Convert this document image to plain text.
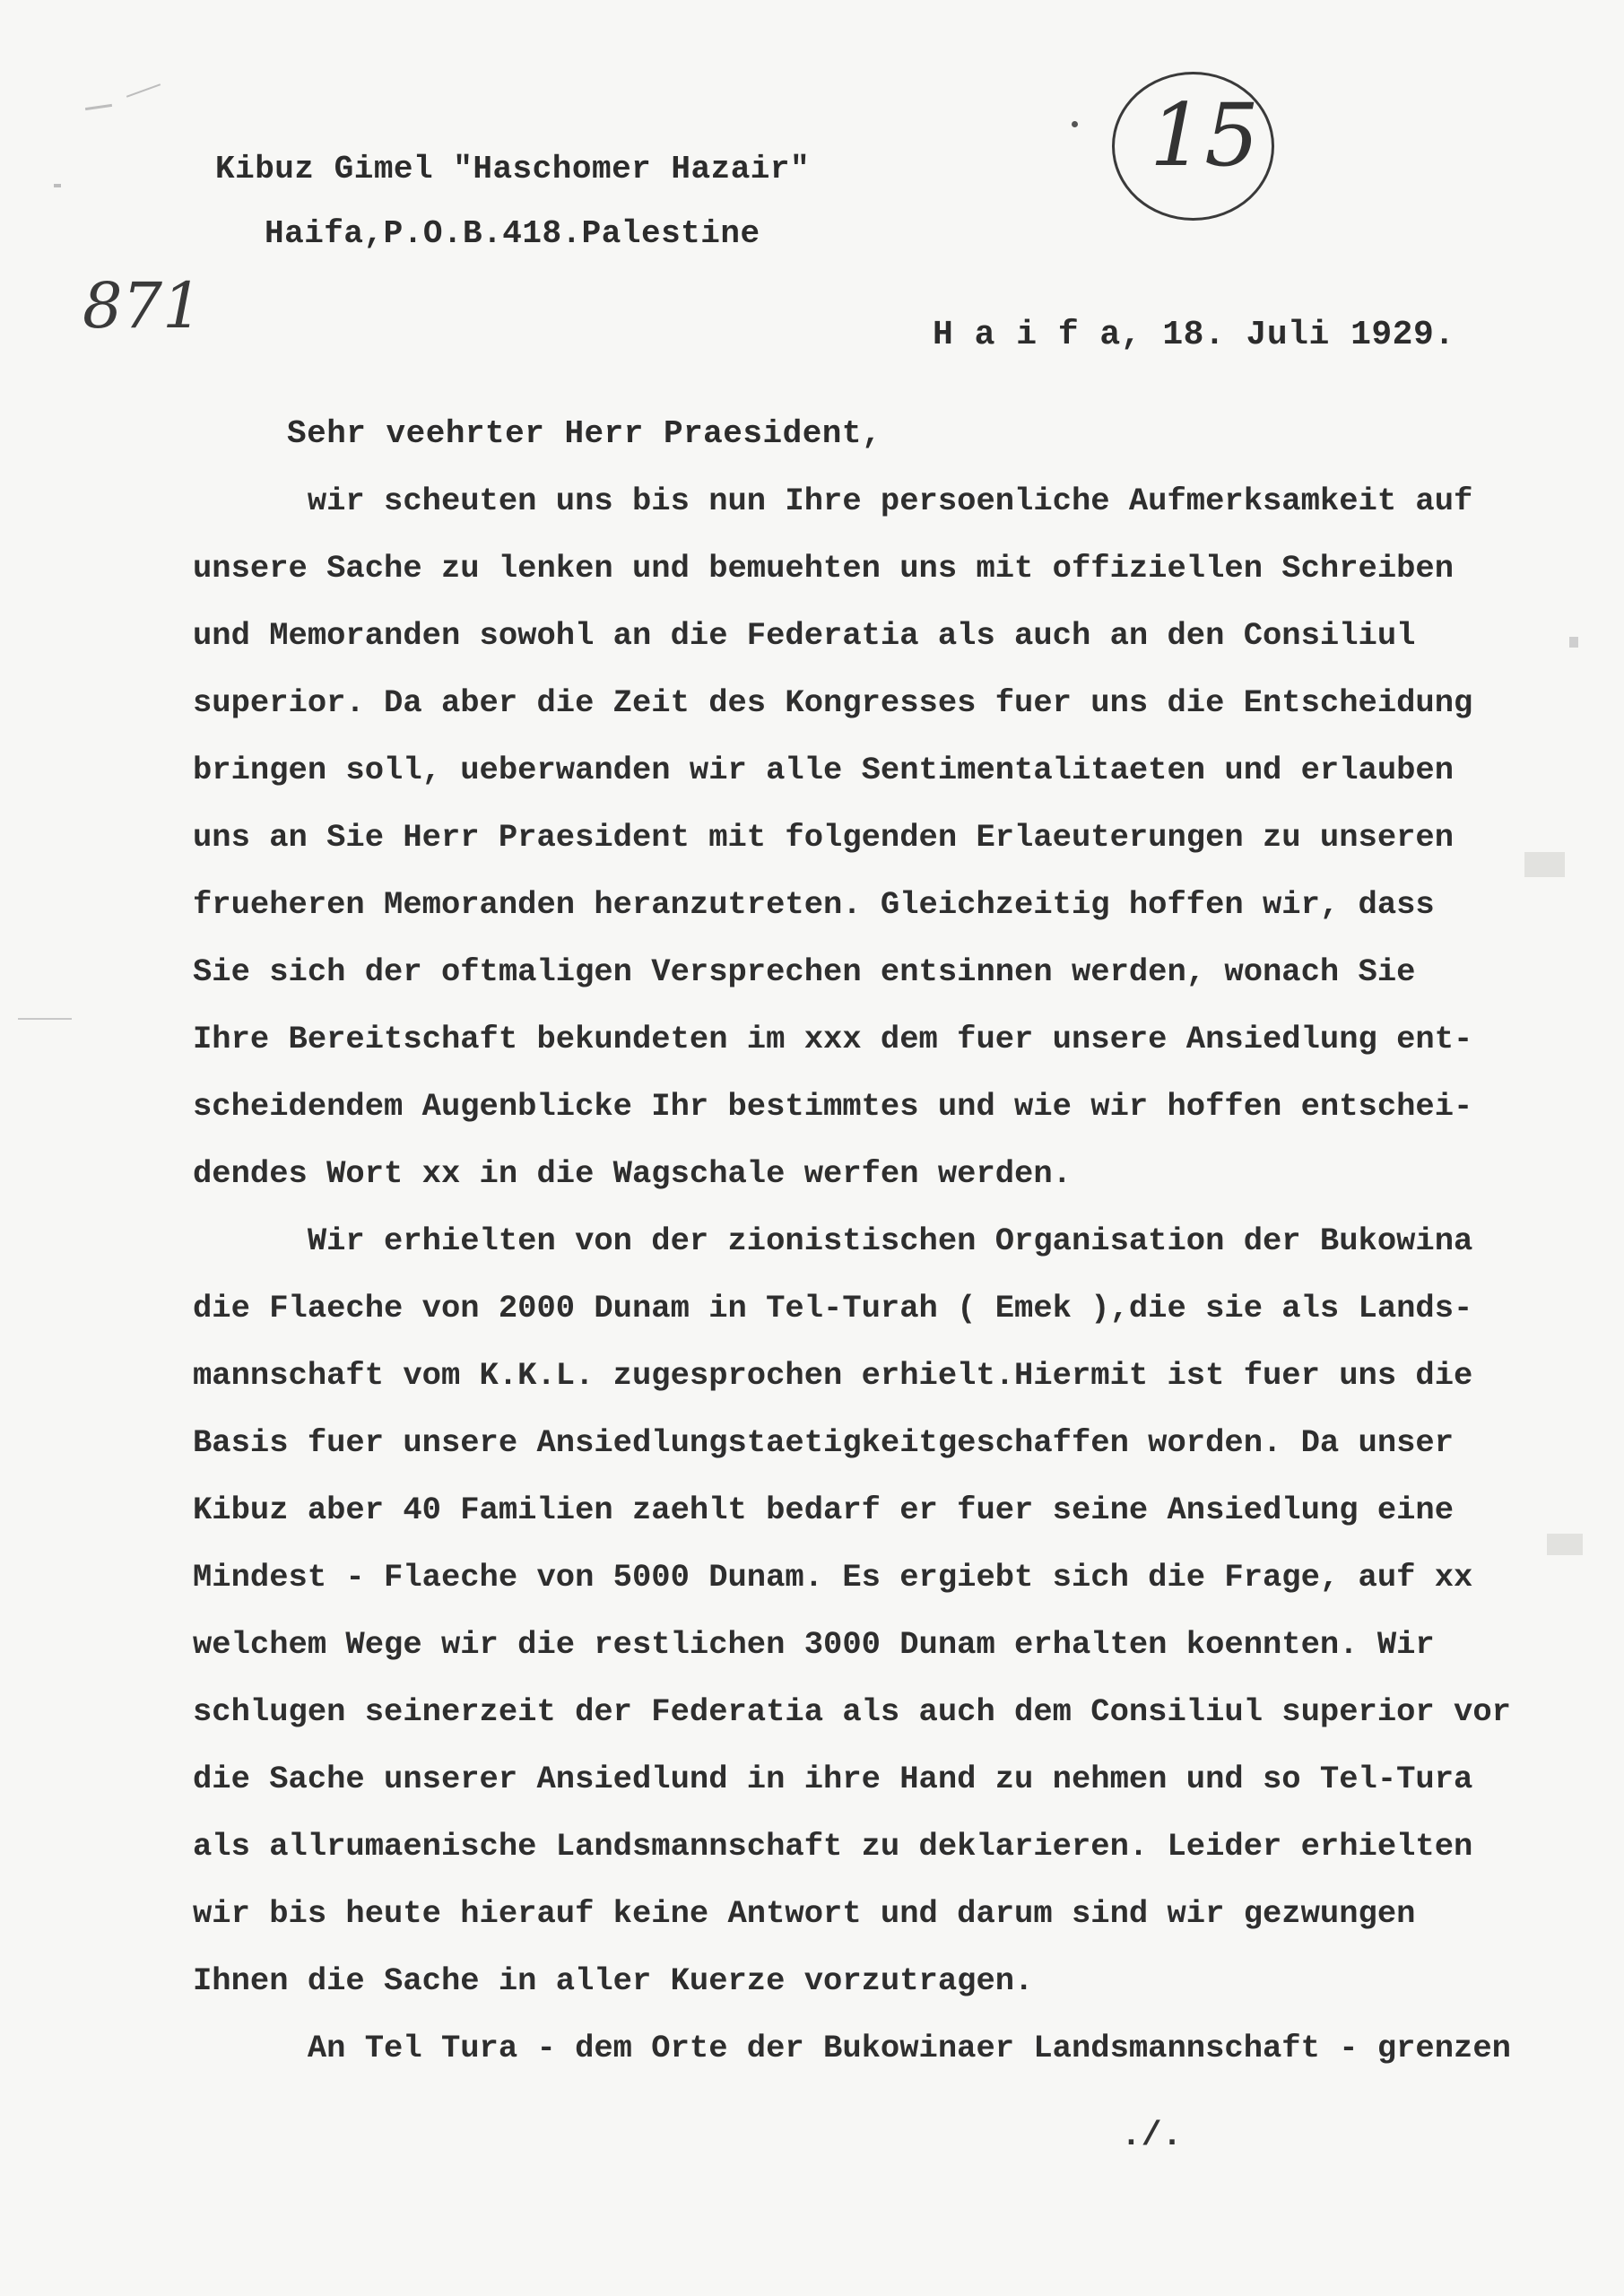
15
871
Kibuz Gimel "Haschomer Hazair"
Haifa,P.O.B.418.Palestine
H a i f a, 18. Juli 1929.
Sehr veehrter Herr Praesident,
wir scheuten uns bis nun Ihre persoenliche Aufmerksamkeit auf
unsere Sache zu lenken und bemuehten uns mit offiziellen Schreiben
und Memoranden sowohl an die Federatia als auch an den Consiliul
superior. Da aber die Zeit des Kongresses fuer uns die Entscheidung
bringen soll, ueberwanden wir alle Sentimentalitaeten und erlauben
uns an Sie Herr Praesident mit folgenden Erlaeuterungen zu unseren
frueheren Memoranden heranzutreten. Gleichzeitig hoffen wir, dass
Sie sich der oftmaligen Versprechen entsinnen werden, wonach Sie
Ihre Bereitschaft bekundeten im xxx dem fuer unsere Ansiedlung ent-
scheidendem Augenblicke Ihr bestimmtes und wie wir hoffen entschei-
dendes Wort xx in die Wagschale werfen werden.
Wir erhielten von der zionistischen Organisation der Bukowina
die Flaeche von 2000 Dunam in Tel-Turah ( Emek ),die sie als Lands-
mannschaft vom K.K.L. zugesprochen erhielt.Hiermit ist fuer uns die
Basis fuer unsere Ansiedlungstaetigkeitgeschaffen worden. Da unser
Kibuz aber 40 Familien zaehlt bedarf er fuer seine Ansiedlung eine
Mindest - Flaeche von 5000 Dunam. Es ergiebt sich die Frage, auf xx
welchem Wege wir die restlichen 3000 Dunam erhalten koennten. Wir
schlugen seinerzeit der Federatia als auch dem Consiliul superior vor
die Sache unserer Ansiedlund in ihre Hand zu nehmen und so Tel-Tura
als allrumaenische Landsmannschaft zu deklarieren. Leider erhielten
wir bis heute hierauf keine Antwort und darum sind wir gezwungen
Ihnen die Sache in aller Kuerze vorzutragen.
An Tel Tura - dem Orte der Bukowinaer Landsmannschaft - grenzen
./.
